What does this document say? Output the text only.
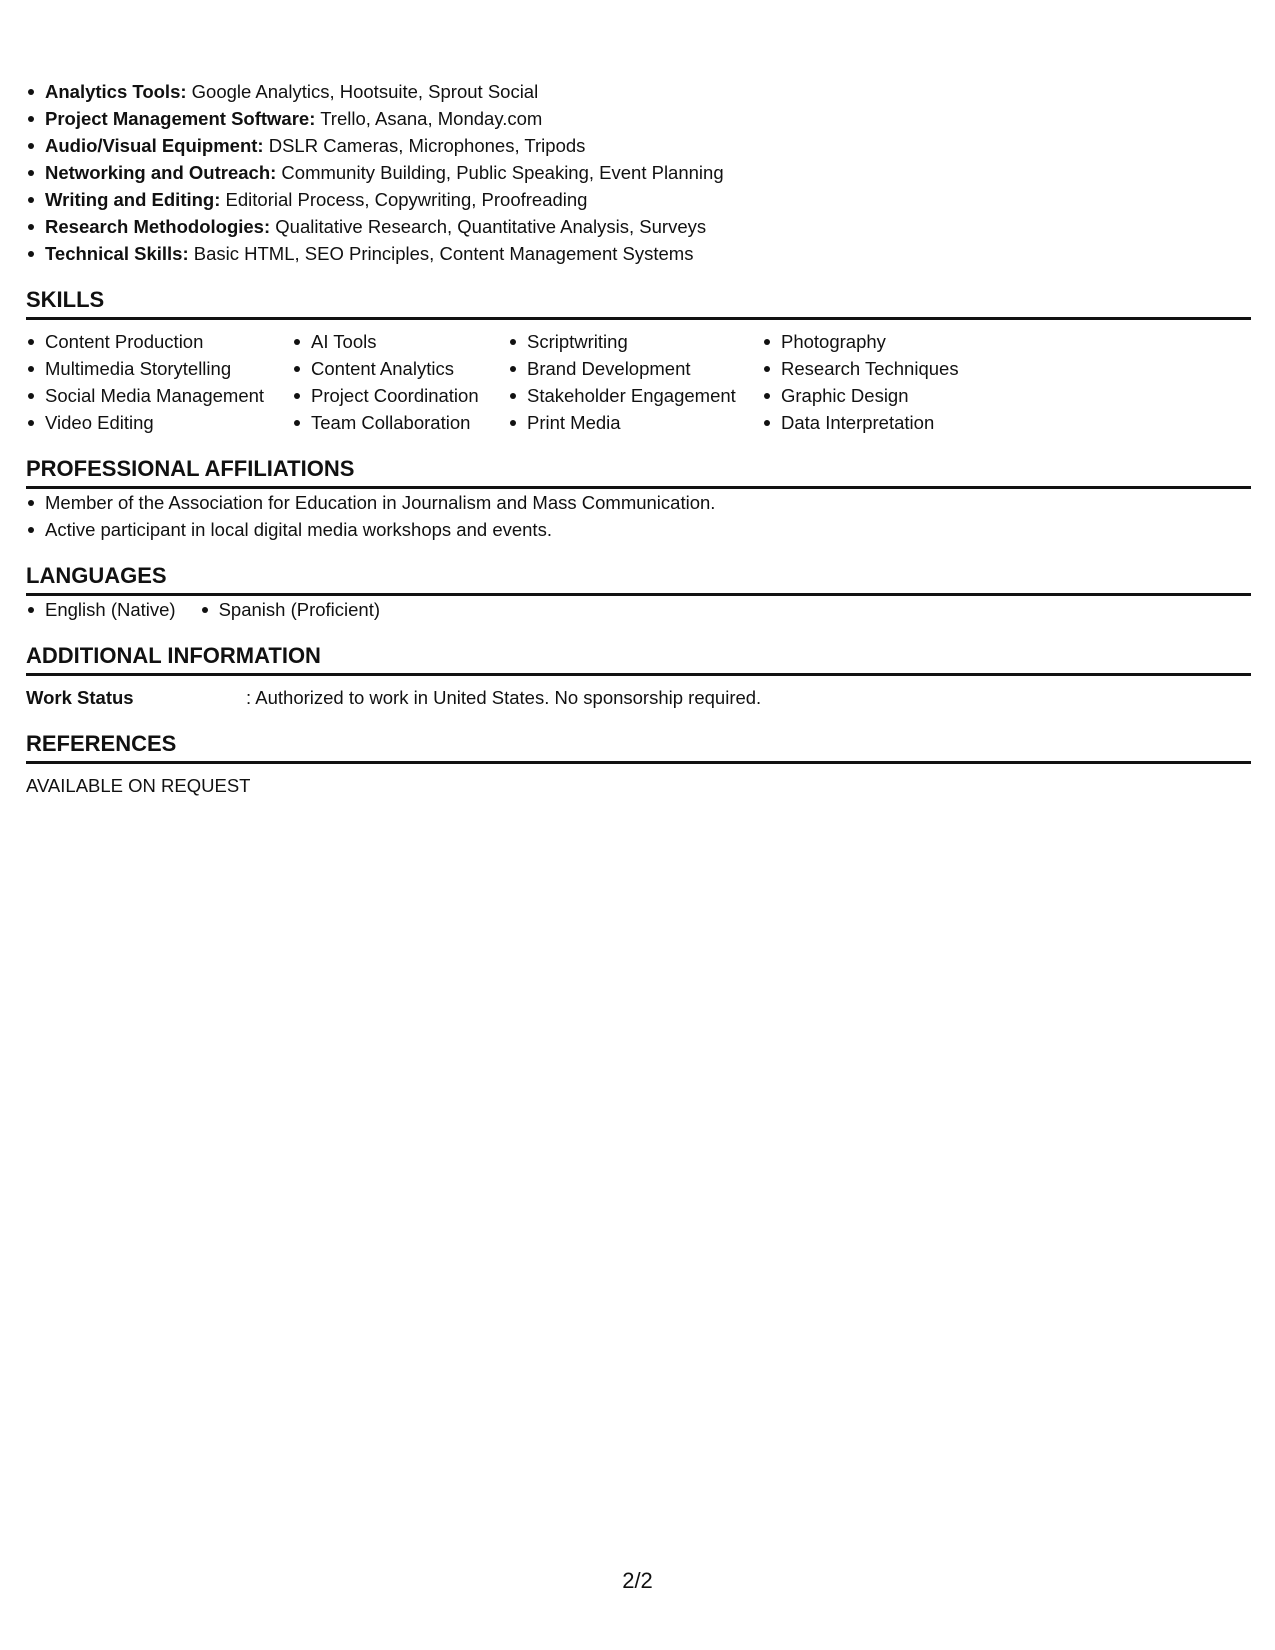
Analytics Tools: Google Analytics, Hootsuite, Sprout Social
Project Management Software: Trello, Asana, Monday.com
Audio/Visual Equipment: DSLR Cameras, Microphones, Tripods
Networking and Outreach: Community Building, Public Speaking, Event Planning
Writing and Editing: Editorial Process, Copywriting, Proofreading
Research Methodologies: Qualitative Research, Quantitative Analysis, Surveys
Technical Skills: Basic HTML, SEO Principles, Content Management Systems
SKILLS
Content Production
Multimedia Storytelling
Social Media Management
Video Editing
AI Tools
Content Analytics
Project Coordination
Team Collaboration
Scriptwriting
Brand Development
Stakeholder Engagement
Print Media
Photography
Research Techniques
Graphic Design
Data Interpretation
PROFESSIONAL AFFILIATIONS
Member of the Association for Education in Journalism and Mass Communication.
Active participant in local digital media workshops and events.
LANGUAGES
English (Native)	Spanish (Proficient)
ADDITIONAL INFORMATION
Work Status	: Authorized to work in United States. No sponsorship required.
REFERENCES
AVAILABLE ON REQUEST
2/2
